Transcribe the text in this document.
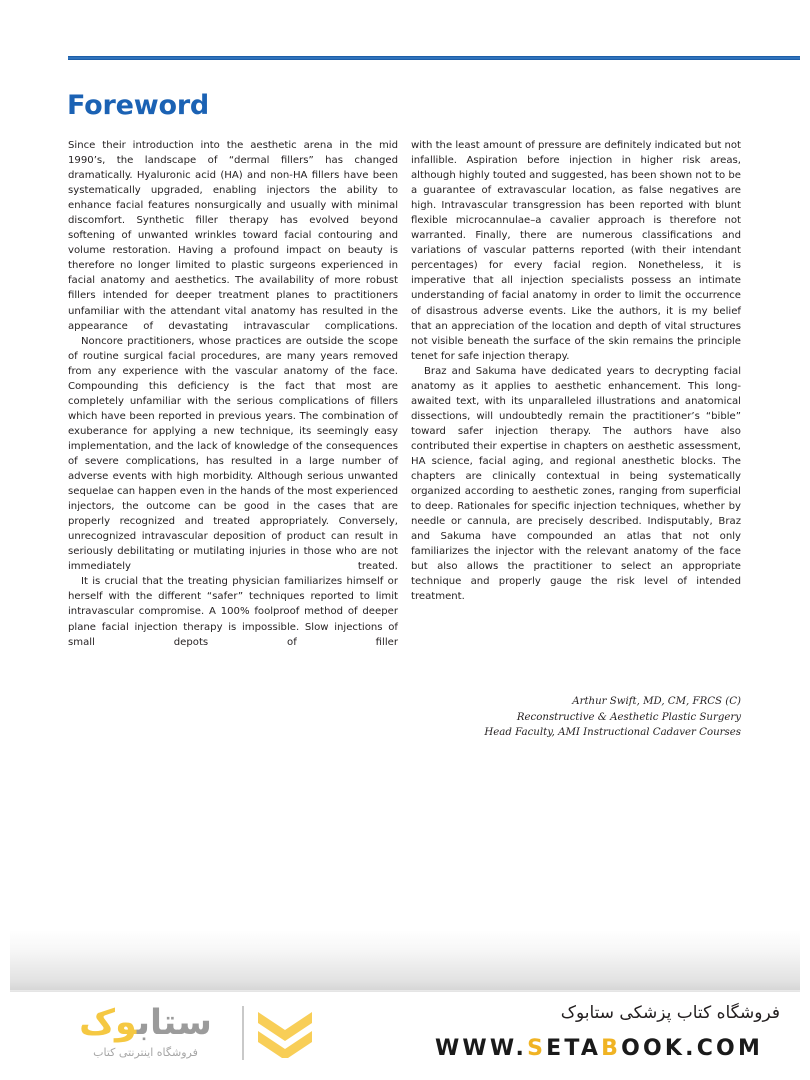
Foreword

Since their introduction into the aesthetic arena in the mid 1990’s, the landscape of “dermal fillers” has changed dramatically. Hyaluronic acid (HA) and non-HA fillers have been systematically upgraded, enabling injectors the ability to enhance facial features nonsurgically and usually with minimal discomfort. Synthetic filler therapy has evolved beyond softening of unwanted wrinkles toward facial contouring and volume restoration. Having a profound impact on beauty is therefore no longer limited to plastic surgeons experienced in facial anatomy and aesthetics. The availability of more robust fillers intended for deeper treatment planes to practitioners unfamiliar with the attendant vital anatomy has resulted in the appearance of devastating intravascular complications.

Noncore practitioners, whose practices are outside the scope of routine surgical facial procedures, are many years removed from any experience with the vascular anatomy of the face. Compounding this deficiency is the fact that most are completely unfamiliar with the serious complications of fillers which have been reported in previous years. The combination of exuberance for applying a new technique, its seemingly easy implementation, and the lack of knowledge of the consequences of severe complications, has resulted in a large number of adverse events with high morbidity. Although serious unwanted sequelae can happen even in the hands of the most experienced injectors, the outcome can be good in the cases that are properly recognized and treated appropriately. Conversely, unrecognized intravascular deposition of product can result in seriously debilitating or mutilating injuries in those who are not immediately treated.

It is crucial that the treating physician familiarizes himself or herself with the different “safer” techniques reported to limit intravascular compromise. A 100% foolproof method of deeper plane facial injection therapy is impossible. Slow injections of small depots of filler

with the least amount of pressure are definitely indicated but not infallible. Aspiration before injection in higher risk areas, although highly touted and suggested, has been shown not to be a guarantee of extravascular location, as false negatives are high. Intravascular transgression has been reported with blunt flexible microcannulae–a cavalier approach is therefore not warranted. Finally, there are numerous classifications and variations of vascular patterns reported (with their intendant percentages) for every facial region. Nonetheless, it is imperative that all injection specialists possess an intimate understanding of facial anatomy in order to limit the occurrence of disastrous adverse events. Like the authors, it is my belief that an appreciation of the location and depth of vital structures not visible beneath the surface of the skin remains the principle tenet for safe injection therapy.

Braz and Sakuma have dedicated years to decrypting facial anatomy as it applies to aesthetic enhancement. This long-awaited text, with its unparalleled illustrations and anatomical dissections, will undoubtedly remain the practitioner’s “bible” toward safer injection therapy. The authors have also contributed their expertise in chapters on aesthetic assessment, HA science, facial aging, and regional anesthetic blocks. The chapters are clinically contextual in being systematically organized according to aesthetic zones, ranging from superficial to deep. Rationales for specific injection techniques, whether by needle or cannula, are precisely described. Indisputably, Braz and Sakuma have compounded an atlas that not only familiarizes the injector with the relevant anatomy of the face but also allows the practitioner to select an appropriate technique and properly gauge the risk level of intended treatment.

Arthur Swift, MD, CM, FRCS (C)
Reconstructive & Aesthetic Plastic Surgery
Head Faculty, AMI Instructional Cadaver Courses
ستابوک
فروشگاه اینترنتی کتاب
فروشگاه کتاب پزشکی ستابوک
WWW.SETABOOK.COM
